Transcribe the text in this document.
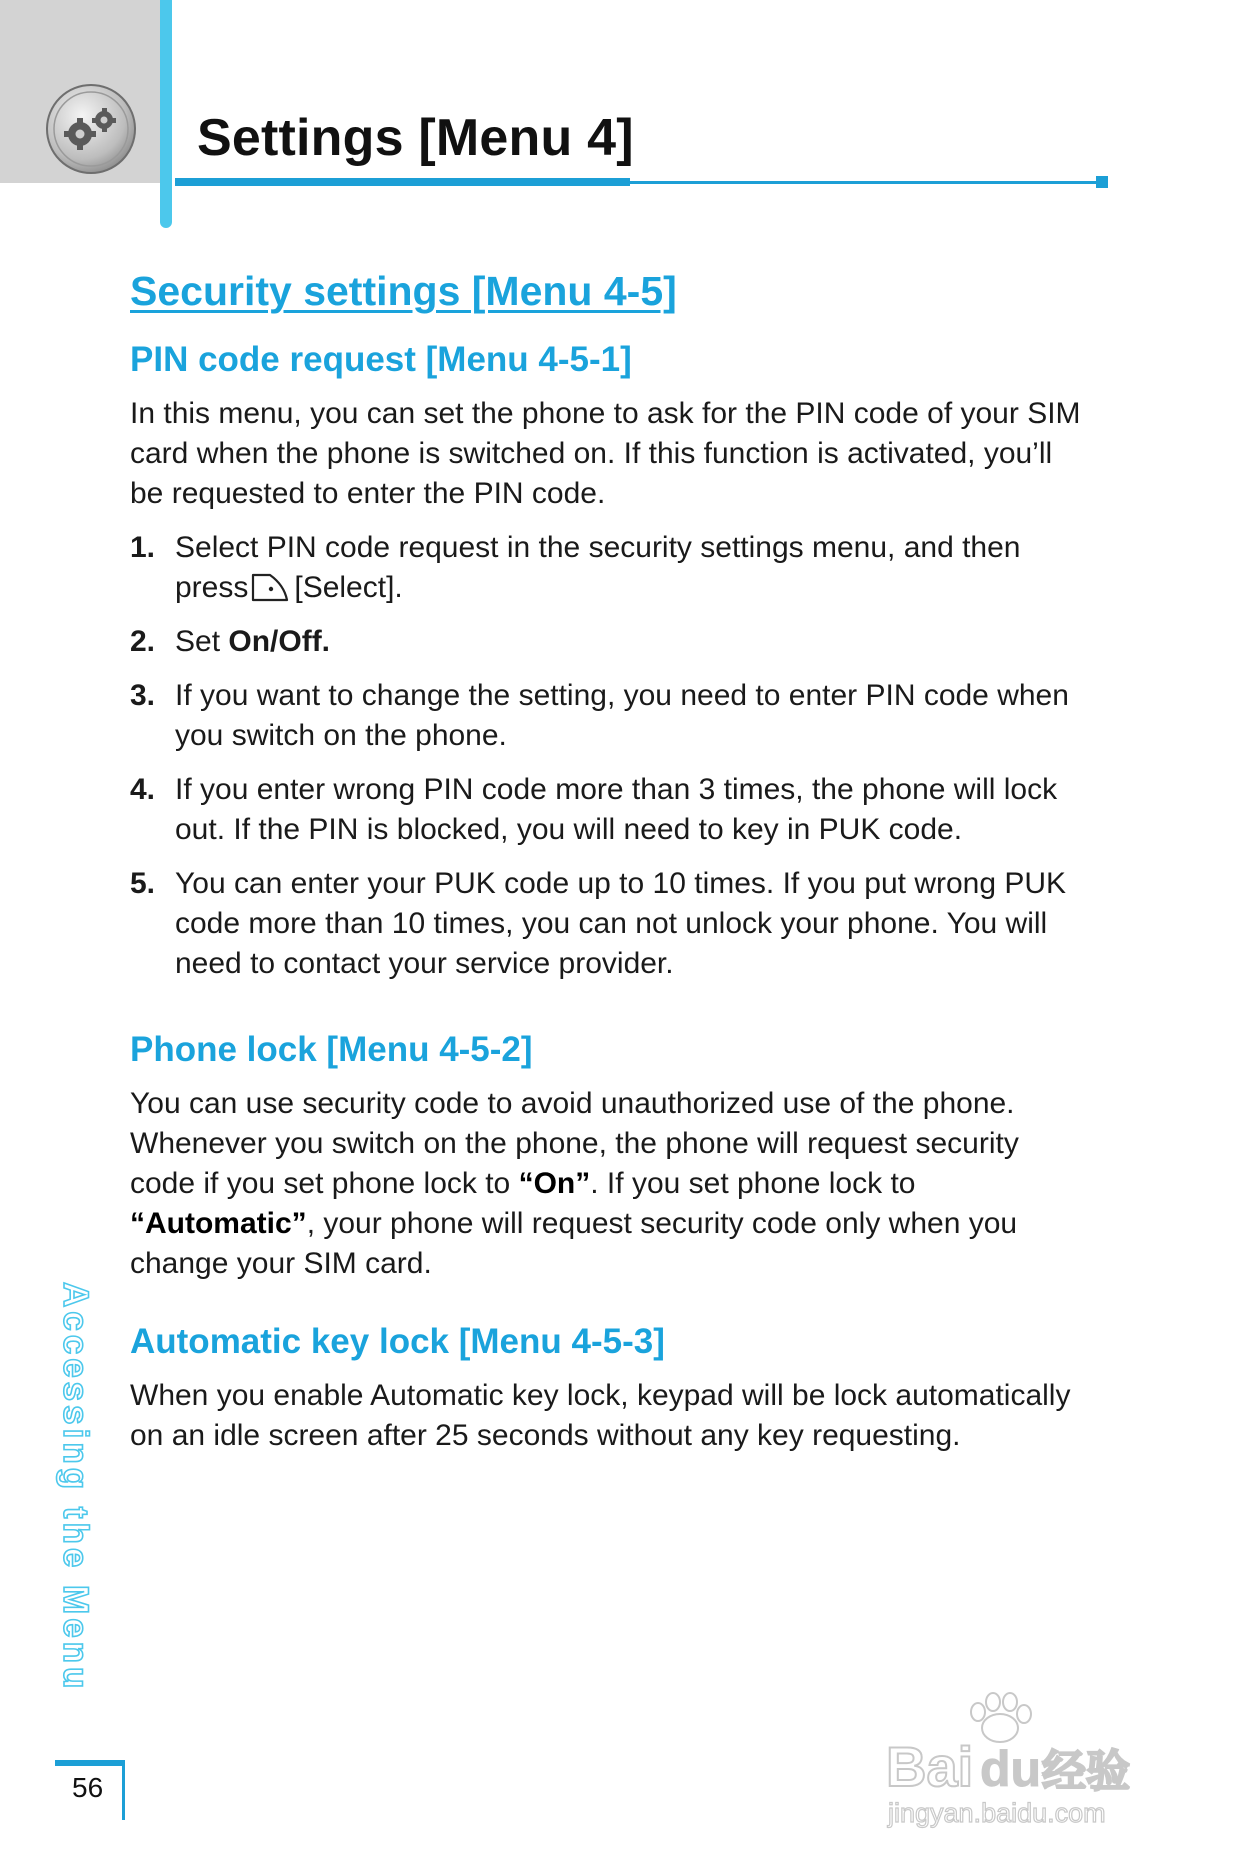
Settings [Menu 4]
Security settings [Menu 4-5]
PIN code request [Menu 4-5-1]

In this menu, you can set the phone to ask for the PIN code of your SIM card when the phone is switched on. If this function is activated, you’ll be requested to enter the PIN code.

1. Select PIN code request in the security settings menu, and then press [Select].
2. Set On/Off.
3. If you want to change the setting, you need to enter PIN code when you switch on the phone.
4. If you enter wrong PIN code more than 3 times, the phone will lock out. If the PIN is blocked, you will need to key in PUK code.
5. You can enter your PUK code up to 10 times. If you put wrong PUK code more than 10 times, you can not unlock your phone. You will need to contact your service provider.
Phone lock [Menu 4-5-2]

You can use security code to avoid unauthorized use of the phone. Whenever you switch on the phone, the phone will request security code if you set phone lock to “On”. If you set phone lock to “Automatic”, your phone will request security code only when you change your SIM card.

Automatic key lock [Menu 4-5-3]

When you enable Automatic key lock, keypad will be lock automatically on an idle screen after 25 seconds without any key requesting.

Accessing the Menu
56	Bai du 经验
jingyan.baidu.com
